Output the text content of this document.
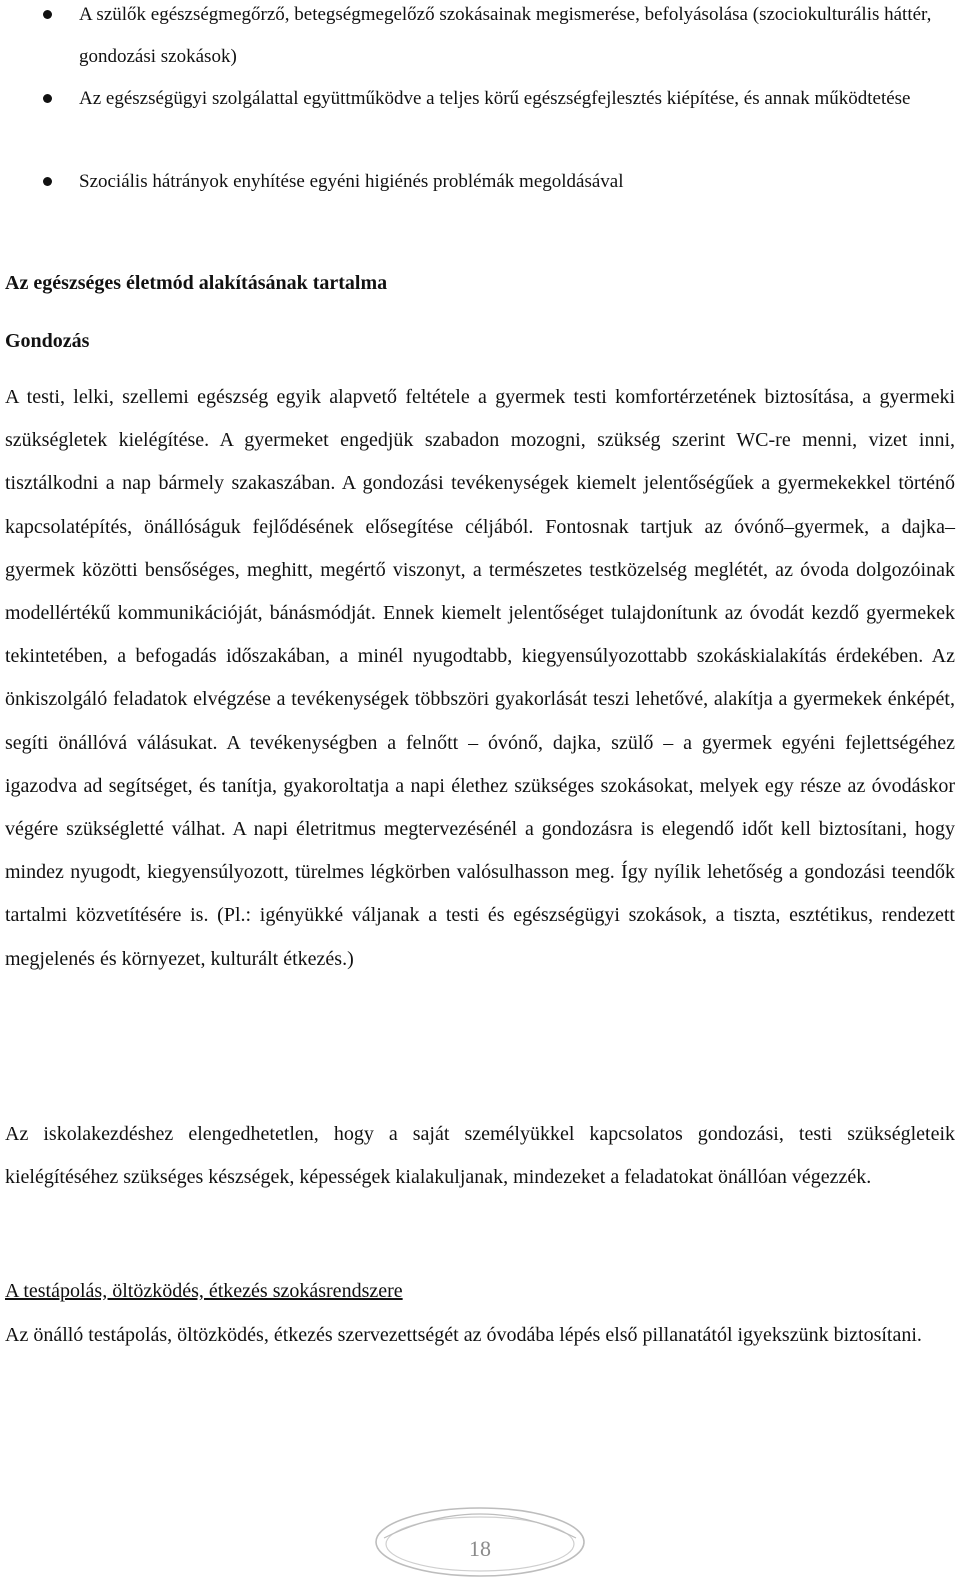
A szülők egészségmegőrző, betegségmegelőző szokásainak megismerése, befolyásolása (szociokulturális háttér, gondozási szokások)
Az egészségügyi szolgálattal együttműködve a teljes körű egészségfejlesztés kiépítése, és annak működtetése
Szociális hátrányok enyhítése egyéni higiénés problémák megoldásával
Az egészséges életmód alakításának tartalma
Gondozás

A testi, lelki, szellemi egészség egyik alapvető feltétele a gyermek testi komfortérzetének biztosítása, a gyermeki szükségletek kielégítése. A gyermeket engedjük szabadon mozogni, szükség szerint WC-re menni, vizet inni, tisztálkodni a nap bármely szakaszában. A gondozási tevékenységek kiemelt jelentőségűek a gyermekekkel történő kapcsolatépítés, önállóságuk fejlődésének elősegítése céljából. Fontosnak tartjuk az óvónő–gyermek, a dajka–gyermek közötti bensőséges, meghitt, megértő viszonyt, a természetes testközelség meglétét, az óvoda dolgozóinak modellértékű kommunikációját, bánásmódját. Ennek kiemelt jelentőséget tulajdonítunk az óvodát kezdő gyermekek tekintetében, a befogadás időszakában, a minél nyugodtabb, kiegyensúlyozottabb szokáskialakítás érdekében. Az önkiszolgáló feladatok elvégzése a tevékenységek többszöri gyakorlását teszi lehetővé, alakítja a gyermekek énképét, segíti önállóvá válásukat. A tevékenységben a felnőtt – óvónő, dajka, szülő – a gyermek egyéni fejlettségéhez igazodva ad segítséget, és tanítja, gyakoroltatja a napi élethez szükséges szokásokat, melyek egy része az óvodáskor végére szükségletté válhat. A napi életritmus megtervezésénél a gondozásra is elegendő időt kell biztosítani, hogy mindez nyugodt, kiegyensúlyozott, türelmes légkörben valósulhasson meg. Így nyílik lehetőség a gondozási teendők tartalmi közvetítésére is. (Pl.: igényükké váljanak a testi és egészségügyi szokások, a tiszta, esztétikus, rendezett megjelenés és környezet, kulturált étkezés.)

Az iskolakezdéshez elengedhetetlen, hogy a saját személyükkel kapcsolatos gondozási, testi szükségleteik kielégítéséhez szükséges készségek, képességek kialakuljanak, mindezeket a feladatokat önállóan végezzék.

A testápolás, öltözködés, étkezés szokásrendszere

Az önálló testápolás, öltözködés, étkezés szervezettségét az óvodába lépés első pillanatától igyekszünk biztosítani.

18
